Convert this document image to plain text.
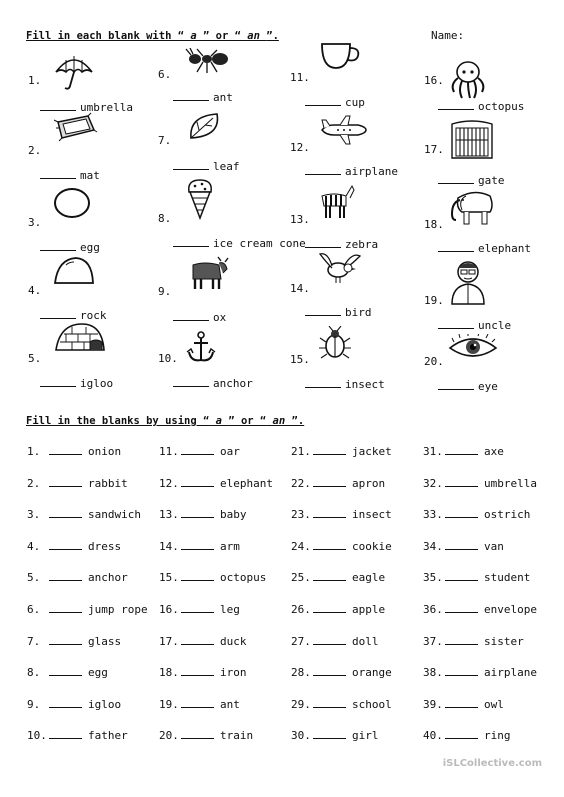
Fill in each blank with “ a ” or “ an ”.	Name:
1.
umbrella
2.
mat
3.
egg
4.
rock
5.
igloo
6.
ant
7.
leaf
8.
ice cream cone
9.
ox
10.
anchor
11.
cup
12.
airplane
13.
zebra
14.
bird
15.
insect
16.
octopus
17.
gate
18.
elephant
19.
uncle
20.
eye
Fill in the blanks by using “ a ” or “ an ”.
1.	onion
2.	rabbit
3.	sandwich
4.	dress
5.	anchor
6.	jump rope
7.	glass
8.	egg
9.	igloo
10.	father
11.	oar
12.	elephant
13.	baby
14.	arm
15.	octopus
16.	leg
17.	duck
18.	iron
19.	ant
20.	train
21.	jacket
22.	apron
23.	insect
24.	cookie
25.	eagle
26.	apple
27.	doll
28.	orange
29.	school
30.	girl
31.	axe
32.	umbrella
33.	ostrich
34.	van
35.	student
36.	envelope
37.	sister
38.	airplane
39.	owl
40.	ring
iSLCollective.com
